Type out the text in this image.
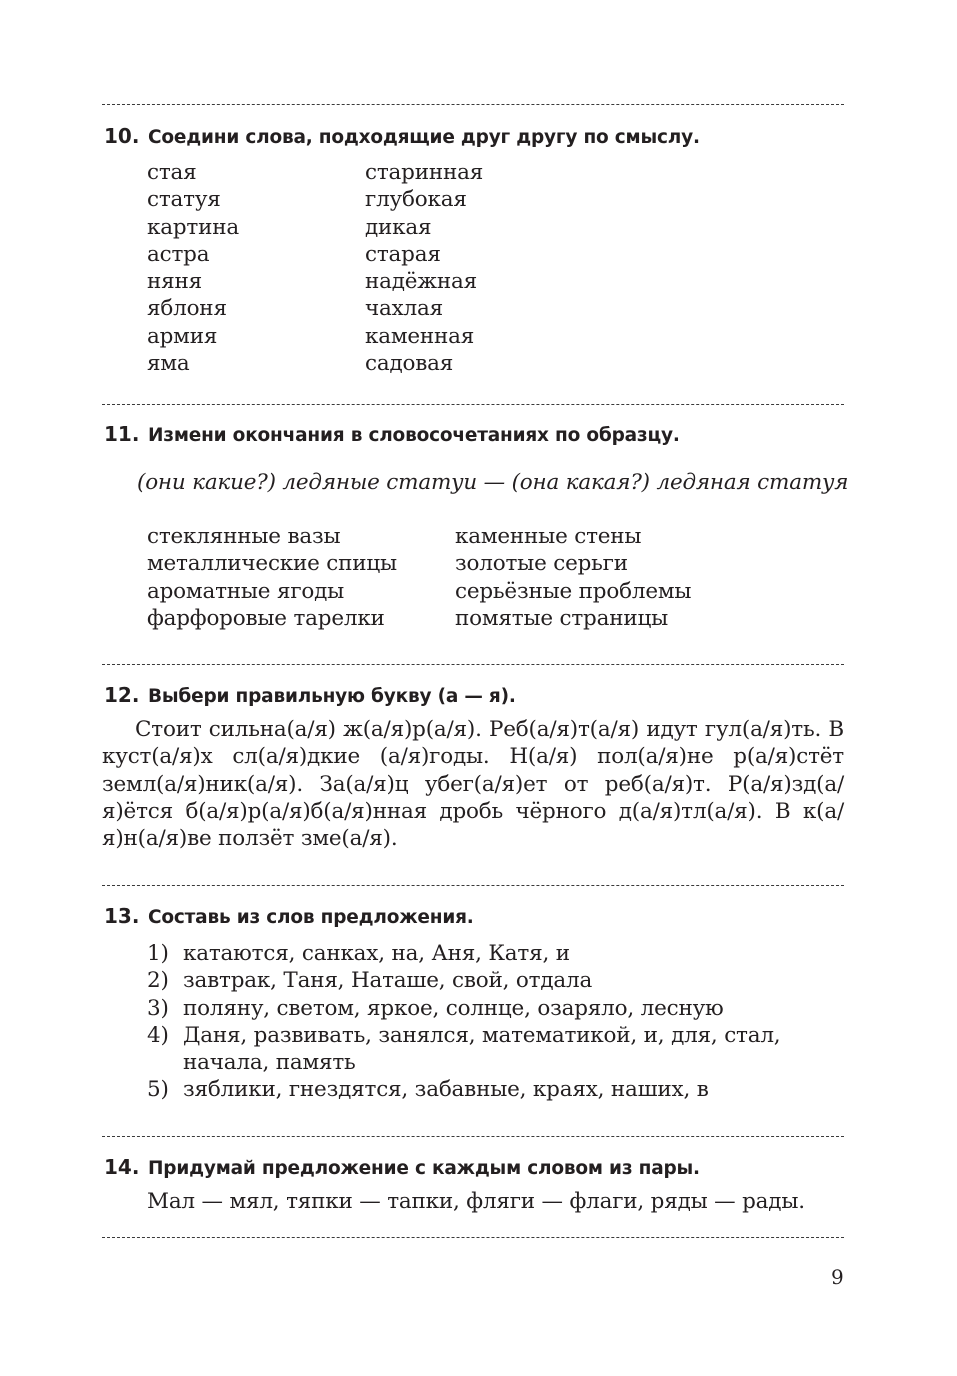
10. Соедини слова, подходящие друг другу по смыслу.
стая
статуя
картина
астра
няня
яблоня
армия
яма
старинная
глубокая
дикая
старая
надёжная
чахлая
каменная
садовая
11. Измени окончания в словосочетаниях по образцу.
(они какие?) ледяные статуи — (она какая?) ледяная статуя
стеклянные вазы
металлические спицы
ароматные ягоды
фарфоровые тарелки
каменные стены
золотые серьги
серьёзные проблемы
помятые страницы
12. Выбери правильную букву (а — я).

Стоит сильна(а/я) ж(а/я)р(а/я). Реб(а/я)т(а/я) идут гул(а/я)ть. В куст(а/я)х сл(а/я)дкие (а/я)годы. Н(а/я) пол(а/я)не р(а/я)стёт земл(а/я)ник(а/я). За(а/я)ц убег(а/я)ет от реб(а/я)т. Р(а/я)зд(а/я)ётся б(а/я)р(а/я)б(а/я)нная дробь чёрного д(а/я)тл(а/я). В к(а/я)н(а/я)ве ползёт зме(а/я).

13. Составь из слов предложения.
1) катаются, санках, на, Аня, Катя, и
2) завтрак, Таня, Наташе, свой, отдала
3) поляну, светом, яркое, солнце, озаряло, лесную
4) Даня, развивать, занялся, математикой, и, для, стал, начала, память
5) зяблики, гнездятся, забавные, краях, наших, в
14. Придумай предложение с каждым словом из пары.
Мал — мял, тяпки — тапки, фляги — флаги, ряды — рады.
9
